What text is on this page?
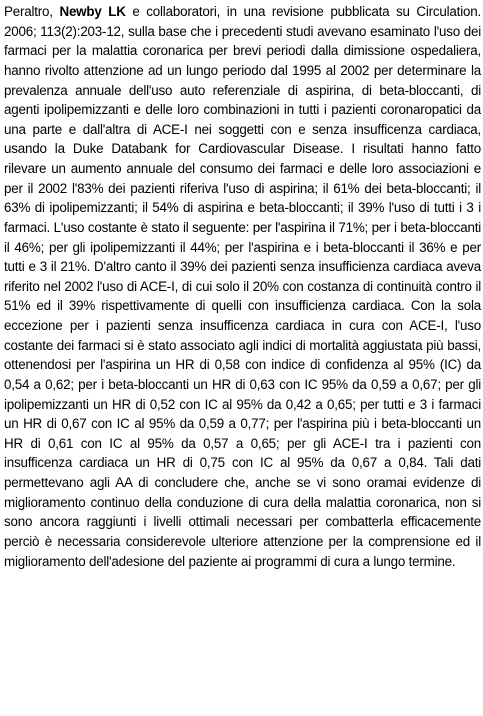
Peraltro, Newby LK e collaboratori, in una revisione pubblicata su Circulation. 2006; 113(2):203-12, sulla base che i precedenti studi avevano esaminato l'uso dei farmaci per la malattia coronarica per brevi periodi dalla dimissione ospedaliera, hanno rivolto attenzione ad un lungo periodo dal 1995 al 2002 per determinare la prevalenza annuale dell'uso auto referenziale di aspirina, di beta-bloccanti, di agenti ipolipemizzanti e delle loro combinazioni in tutti i pazienti coronaropatici da una parte e dall'altra di ACE-I nei soggetti con e senza insufficenza cardiaca, usando la Duke Databank for Cardiovascular Disease. I risultati hanno fatto rilevare un aumento annuale del consumo dei farmaci e delle loro associazioni e per il 2002 l'83% dei pazienti riferiva l'uso di aspirina; il 61% dei beta-bloccanti; il 63% di ipolipemizzanti; il 54% di aspirina e beta-bloccanti; il 39% l'uso di tutti i 3 i farmaci. L'uso costante è stato il seguente: per l'aspirina il 71%; per i beta-bloccanti il 46%; per gli ipolipemizzanti il 44%; per l'aspirina e i beta-bloccanti il 36% e per tutti e 3 il 21%. D'altro canto il 39% dei pazienti senza insufficienza cardiaca aveva riferito nel 2002 l'uso di ACE-I, di cui solo il 20% con costanza di continuità contro il 51% ed il 39% rispettivamente di quelli con insufficienza cardiaca. Con la sola eccezione per i pazienti senza insufficenza cardiaca in cura con ACE-I, l'uso costante dei farmaci si è stato associato agli indici di mortalità aggiustata più bassi, ottenendosi per l'aspirina un HR di 0,58 con indice di confidenza al 95% (IC) da 0,54 a 0,62; per i beta-bloccanti un HR di 0,63 con IC 95% da 0,59 a 0,67; per gli ipolipemizzanti un HR di 0,52 con IC al 95% da 0,42 a 0,65; per tutti e 3 i farmaci un HR di 0,67 con IC al 95% da 0,59 a 0,77; per l'aspirina più i beta-bloccanti un HR di 0,61 con IC al 95% da 0,57 a 0,65; per gli ACE-I tra i pazienti con insufficenza cardiaca un HR di 0,75 con IC al 95% da 0,67 a 0,84. Tali dati permettevano agli AA di concludere che, anche se vi sono oramai evidenze di miglioramento continuo della conduzione di cura della malattia coronarica, non si sono ancora raggiunti i livelli ottimali necessari per combatterla efficacemente perciò è necessaria considerevole ulteriore attenzione per la comprensione ed il miglioramento dell'adesione del paziente ai programmi di cura a lungo termine.
